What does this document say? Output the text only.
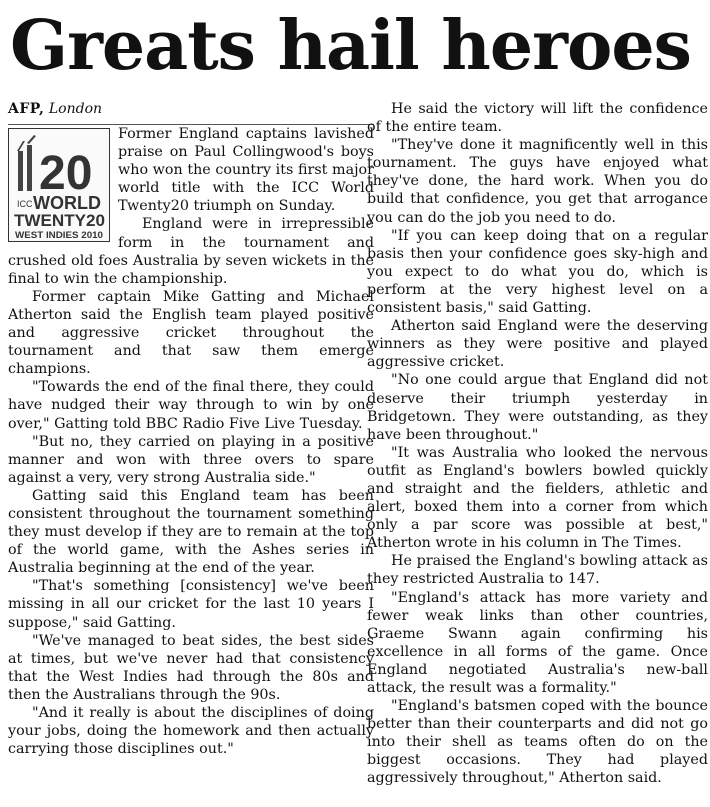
Greats hail heroes
AFP, London
20
ICC WORLD
TWENTY20
WEST INDIES 2010

Former England captains lavished praise on Paul Collingwood's boys who won the country its first major world title with the ICC World Twenty20 triumph on Sunday.

England were in irrepressible form in the tournament and crushed old foes Australia by seven wickets in the final to win the championship.

Former captain Mike Gatting and Michael Atherton said the English team played positive and aggressive cricket throughout the tournament and that saw them emerge champions.

"Towards the end of the final there, they could have nudged their way through to win by one over," Gatting told BBC Radio Five Live Tuesday.

"But no, they carried on playing in a positive manner and won with three overs to spare against a very, very strong Australia side."

Gatting said this England team has been consistent throughout the tournament something they must develop if they are to remain at the top of the world game, with the Ashes series in Australia beginning at the end of the year.

"That's something [consistency] we've been missing in all our cricket for the last 10 years I suppose," said Gatting.

"We've managed to beat sides, the best sides at times, but we've never had that consistency that the West Indies had through the 80s and then the Australians through the 90s.

"And it really is about the disciplines of doing your jobs, doing the homework and then actually carrying those disciplines out."

He said the victory will lift the confidence of the entire team.

"They've done it magnificently well in this tournament. The guys have enjoyed what they've done, the hard work. When you do build that confidence, you get that arrogance you can do the job you need to do.

"If you can keep doing that on a regular basis then your confidence goes sky-high and you expect to do what you do, which is perform at the very highest level on a consistent basis," said Gatting.

Atherton said England were the deserving winners as they were positive and played aggressive cricket.

"No one could argue that England did not deserve their triumph yesterday in Bridgetown. They were outstanding, as they have been throughout."

"It was Australia who looked the nervous outfit as England's bowlers bowled quickly and straight and the fielders, athletic and alert, boxed them into a corner from which only a par score was possible at best," Atherton wrote in his column in The Times.

He praised the England's bowling attack as they restricted Australia to 147.

"England's attack has more variety and fewer weak links than other countries, Graeme Swann again confirming his excellence in all forms of the game. Once England negotiated Australia's new-ball attack, the result was a formality."

"England's batsmen coped with the bounce better than their counterparts and did not go into their shell as teams often do on the biggest occasions. They had played aggressively throughout," Atherton said.
